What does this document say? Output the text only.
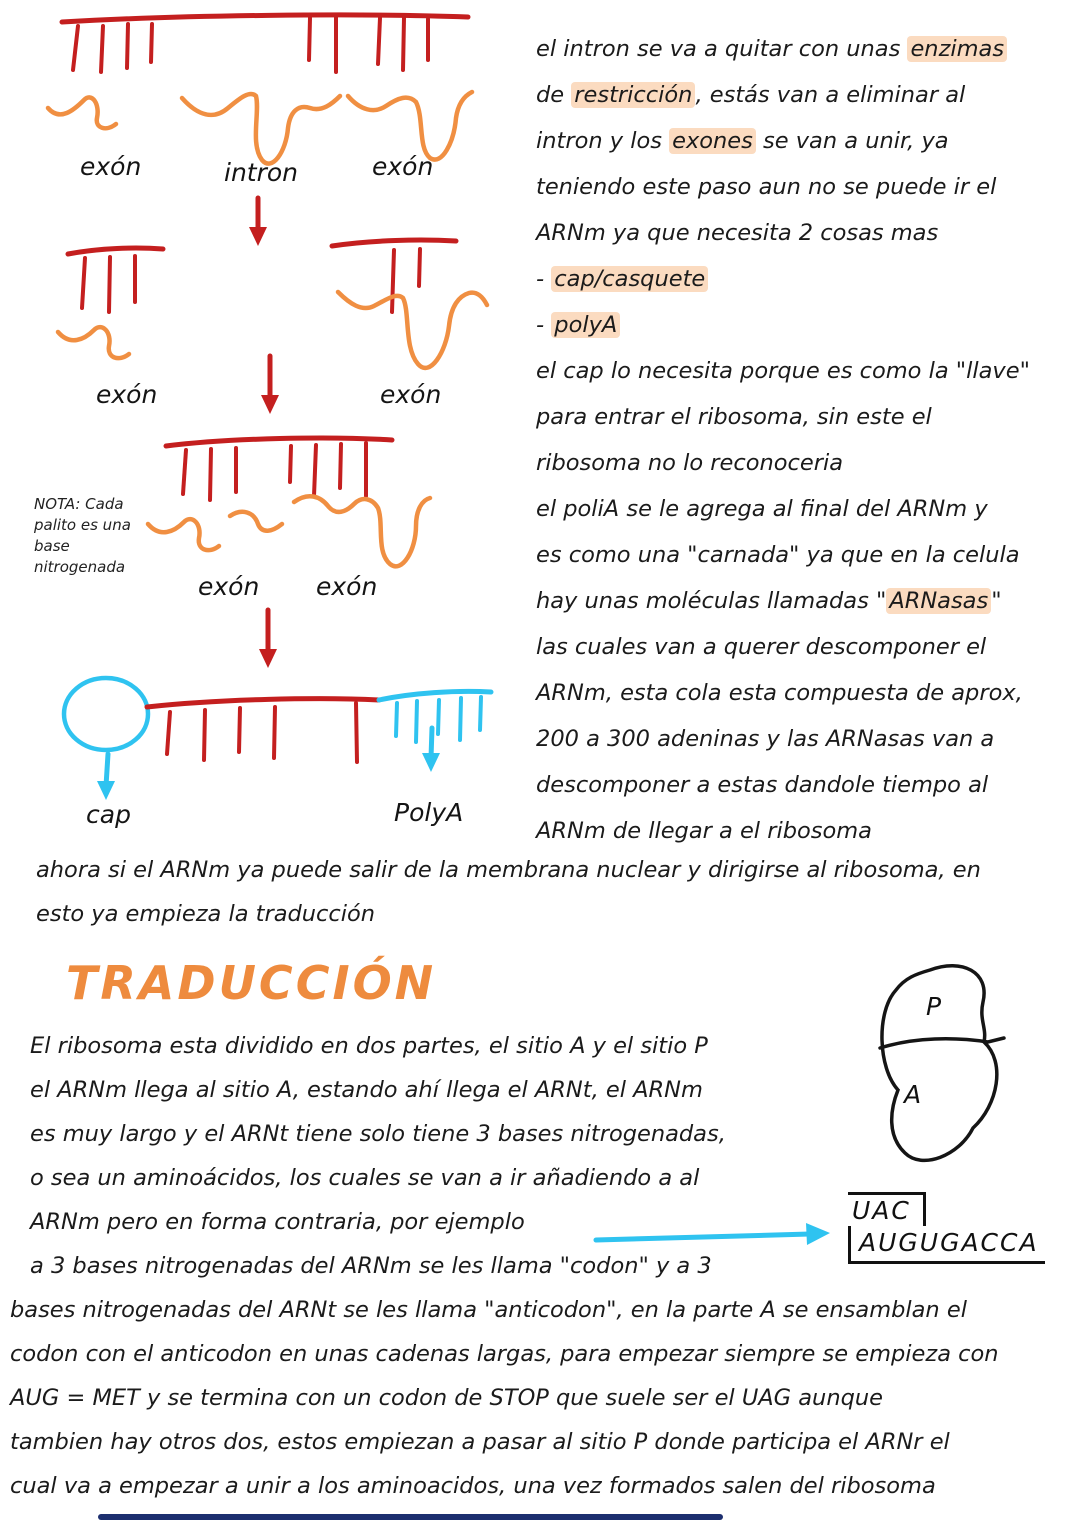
exón	intron	exón
exón	exón
exón exón
cap	PolyA
NOTA: Cada
palito es una
base
nitrogenada
el intron se va a quitar con unas enzimas
de restricción , estás van a eliminar al
intron y los exones se van a unir, ya
teniendo este paso aun no se puede ir el
ARNm ya que necesita 2 cosas mas
- cap/casquete
- polyA
el cap lo necesita porque es como la "llave"
para entrar el ribosoma, sin este el
ribosoma no lo reconoceria
el poliA se le agrega al final del ARNm y
es como una "carnada" ya que en la celula
hay unas moléculas llamadas " ARNasas "
las cuales van a querer descomponer el
ARNm, esta cola esta compuesta de aprox,
200 a 300 adeninas y las ARNasas van a
descomponer a estas dandole tiempo al
ARNm de llegar a el ribosoma
ahora si el ARNm ya puede salir de la membrana nuclear y dirigirse al ribosoma, en
esto ya empieza la traducción
TRADUCCIÓN
El ribosoma esta dividido en dos partes, el sitio A y el sitio P
el ARNm llega al sitio A, estando ahí llega el ARNt, el ARNm
es muy largo y el ARNt tiene solo tiene 3 bases nitrogenadas,
o sea un aminoácidos, los cuales se van a ir añadiendo a al
ARNm pero en forma contraria, por ejemplo
a 3 bases nitrogenadas del ARNm se les llama "codon" y a 3
P
A
UAC
AUGUGACCA
bases nitrogenadas del ARNt se les llama "anticodon", en la parte A se ensamblan el
codon con el anticodon en unas cadenas largas, para empezar siempre se empieza con
AUG = MET y se termina con un codon de STOP que suele ser el UAG aunque
tambien hay otros dos, estos empiezan a pasar al sitio P donde participa el ARNr el
cual va a empezar a unir a los aminoacidos, una vez formados salen del ribosoma
